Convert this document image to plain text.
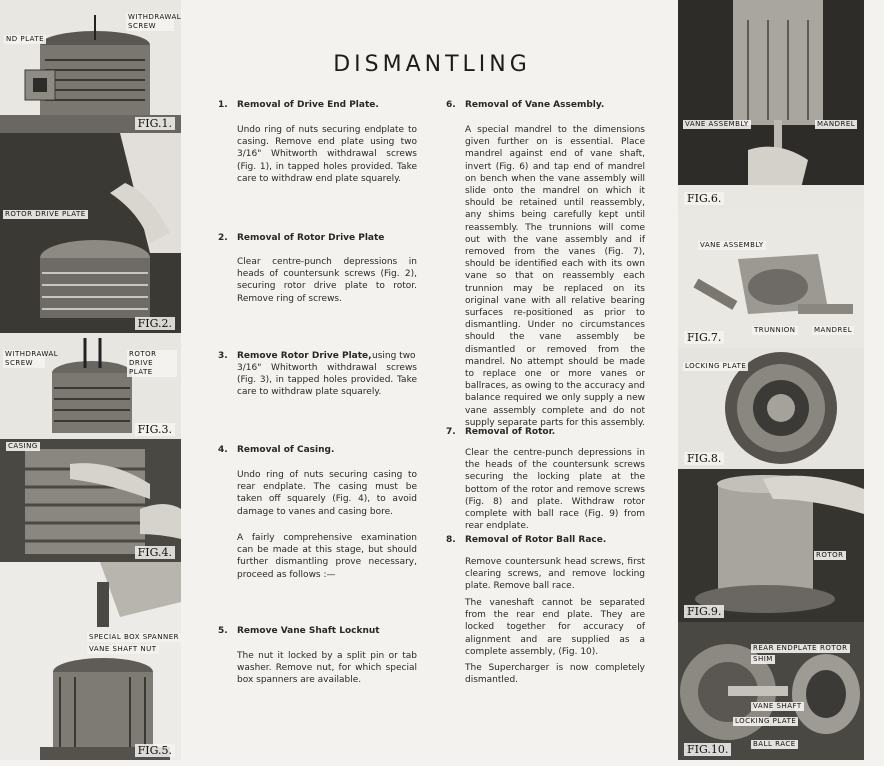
WITHDRAWAL SCREW
ND PLATE
FIG.1.
ROTOR DRIVE PLATE
FIG.2.
WITHDRAWAL SCREW
ROTOR DRIVE PLATE
FIG.3.
CASING
FIG.4.
SPECIAL BOX SPANNER
VANE SHAFT NUT
FIG.5.
VANE ASSEMBLY	MANDREL
FIG.6.
VANE ASSEMBLY
TRUNNION	MANDREL
FIG.7.
LOCKING PLATE
FIG.8.
ROTOR
FIG.9.
REAR ENDPLATE
SHIM
ROTOR
VANE SHAFT
LOCKING PLATE
BALL RACE
FIG.10.
DISMANTLING
1. Removal of Drive End Plate.

Undo ring of nuts securing endplate to casing. Remove end plate using two 3/16" Whitworth withdrawal screws (Fig. 1), in tapped holes provided. Take care to withdraw end plate squarely.

2. Removal of Rotor Drive Plate

Clear centre-punch depressions in heads of countersunk screws (Fig. 2), securing rotor drive plate to rotor. Remove ring of screws.

3. Remove Rotor Drive Plate, using two

3/16" Whitworth withdrawal screws (Fig. 3), in tapped holes provided. Take care to withdraw plate squarely.

4. Removal of Casing.

Undo ring of nuts securing casing to rear endplate. The casing must be taken off squarely (Fig. 4), to avoid damage to vanes and casing bore.

A fairly comprehensive examination can be made at this stage, but should further dismantling prove necessary, proceed as follows :—

5. Remove Vane Shaft Locknut

The nut it locked by a split pin or tab washer. Remove nut, for which special box spanners are available.

6. Removal of Vane Assembly.

A special mandrel to the dimensions given further on is essential. Place mandrel against end of vane shaft, invert (Fig. 6) and tap end of mandrel on bench when the vane assembly will slide onto the mandrel on which it should be retained until reassembly, any shims being carefully kept until reassembly. The trunnions will come out with the vane assembly and if removed from the vanes (Fig. 7), should be identified each with its own vane so that on reassembly each trunnion may be replaced on its original vane with all relative bearing surfaces re-positioned as prior to dismantling. Under no circumstances should the vane assembly be dismantled or removed from the mandrel. No attempt should be made to replace one or more vanes or ballraces, as owing to the accuracy and balance required we only supply a new vane assembly complete and do not supply separate parts for this assembly.

7. Removal of Rotor.

Clear the centre-punch depressions in the heads of the countersunk screws securing the locking plate at the bottom of the rotor and remove screws (Fig. 8) and plate. Withdraw rotor complete with ball race (Fig. 9) from rear endplate.

8. Removal of Rotor Ball Race.

Remove countersunk head screws, first clearing screws, and remove locking plate. Remove ball race.

The vaneshaft cannot be separated from the rear end plate. They are locked together for accuracy of alignment and are supplied as a complete assembly, (Fig. 10).

The Supercharger is now completely dismantled.
